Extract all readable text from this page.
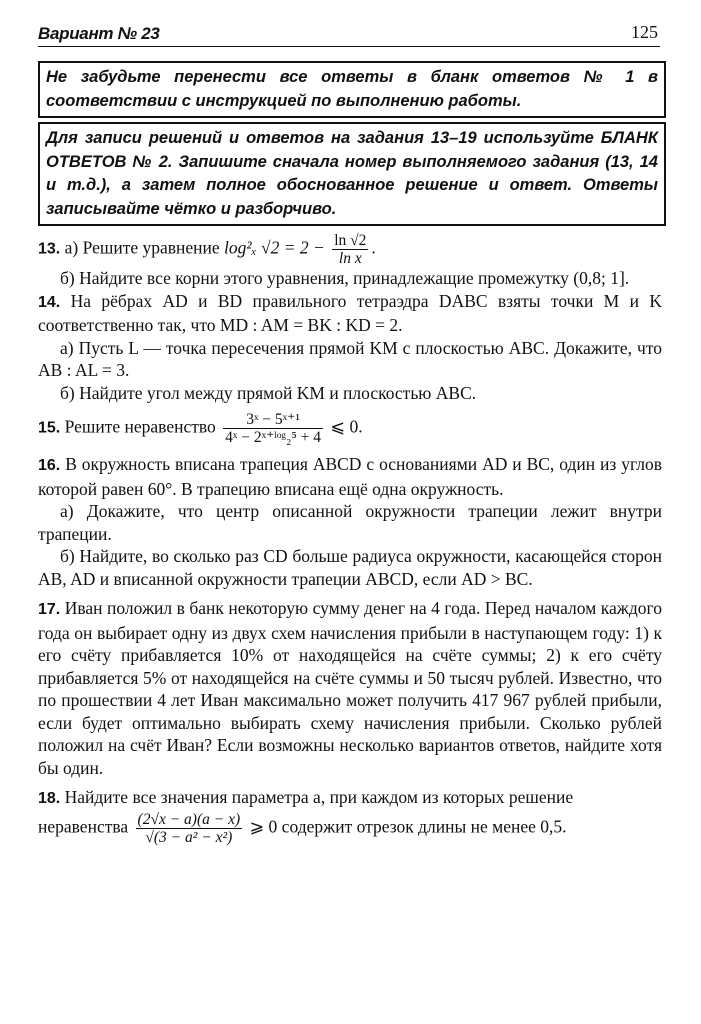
Вариант № 23	125
Не забудьте перенести все ответы в бланк ответов № 1 в соответствии с инструкцией по выполнению работы.
Для записи решений и ответов на задания 13–19 используйте БЛАНК ОТВЕТОВ № 2. Запишите сначала номер выполняемого задания (13, 14 и т.д.), а затем полное обоснованное решение и ответ. Ответы записывайте чётко и разборчиво.

13. а) Решите уравнение log²ₓ $√2 = 2 - \frac{\ln √2}{\text{ln x}}$ .

б) Найдите все корни этого уравнения, принадлежащие промежутку (0,8; 1].

14. На рёбрах AD и BD правильного тетраэдра DABC взяты точки M и K соответственно так, что MD : AM = BK : KD = 2.

а) Пусть L — точка пересечения прямой KM с плоскостью ABC. Докажите, что AB : AL = 3.

б) Найдите угол между прямой KM и плоскостью ABC.

15. Решите неравенство $\frac{\text{3ˣ − 5ˣ⁺¹}}{\text{4ˣ − 2ˣ⁺ˡᵒᵍ₂⁵ + 4}}$ ⩽ 0.

16. В окружность вписана трапеция ABCD с основаниями AD и BC, один из углов которой равен 60°. В трапецию вписана ещё одна окружность.

а) Докажите, что центр описанной окружности трапеции лежит внутри трапеции.

б) Найдите, во сколько раз CD больше радиуса окружности, касающейся сторон AB, AD и вписанной окружности трапеции ABCD, если AD > BC.

17. Иван положил в банк некоторую сумму денег на 4 года. Перед началом каждого года он выбирает одну из двух схем начисления прибыли в наступающем году: 1) к его счёту прибавляется 10% от находящейся на счёте суммы; 2) к его счёту прибавляется 5% от находящейся на счёте суммы и 50 тысяч рублей. Известно, что по прошествии 4 лет Иван максимально может получить 417 967 рублей прибыли, если будет оптимально выбирать схему начисления прибыли. Сколько рублей положил на счёт Иван? Если возможны несколько вариантов ответов, найдите хотя бы один.

18. Найдите все значения параметра a, при каждом из которых решение

неравенства $\frac{(2√x - a)(a - x)}{\text{√(3 − a² − x²)}}$ ⩾ 0 содержит отрезок длины не менее 0,5.
